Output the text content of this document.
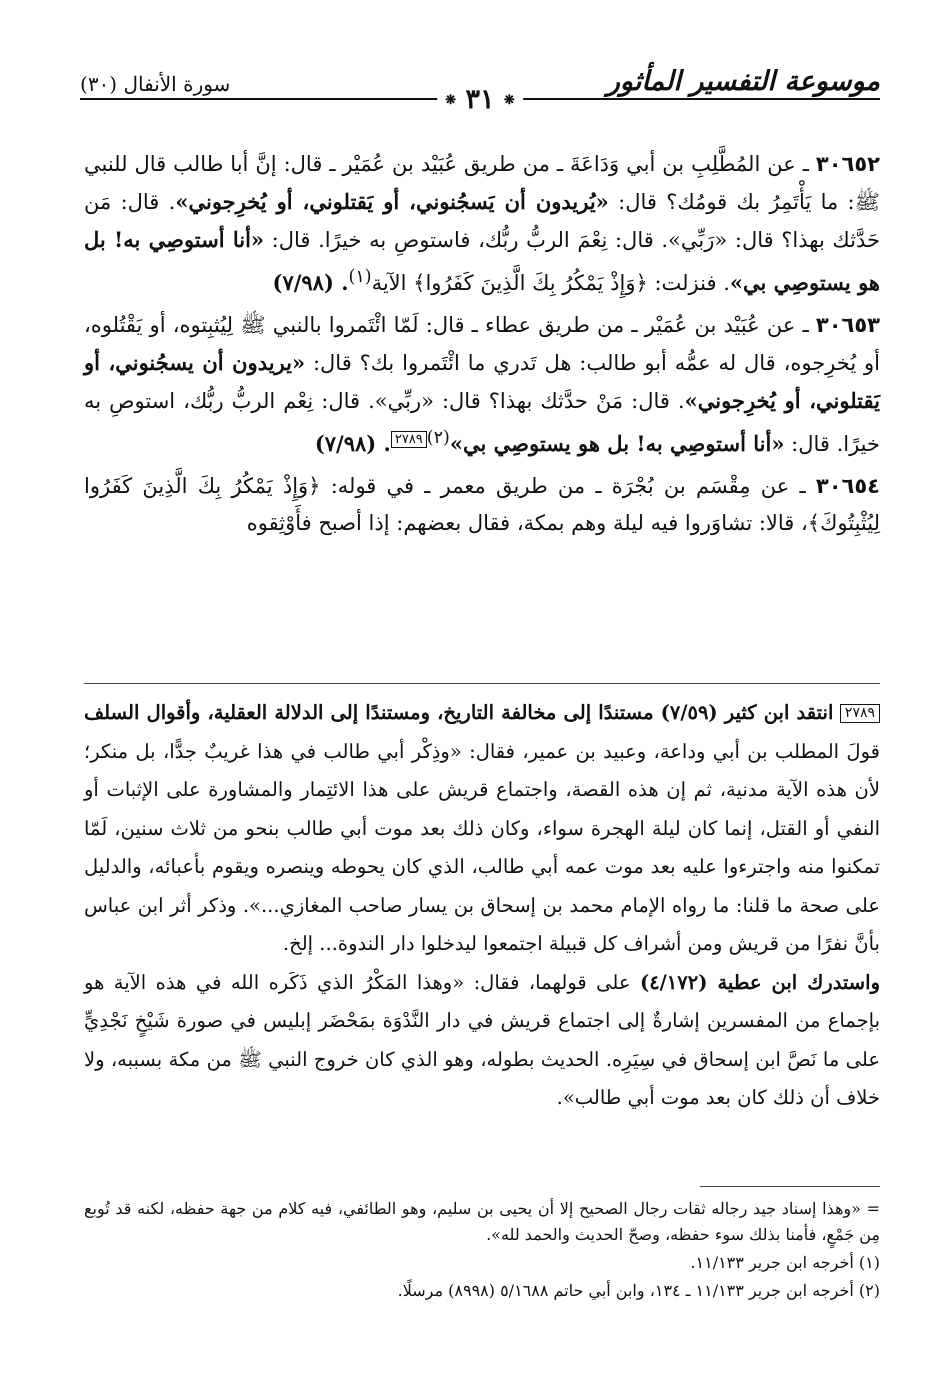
موسوعة التفسير المأثور
❋ ٣١ ❋
سورة الأنفال (٣٠)

٣٠٦٥٢ ـ عن المُطَّلِبِ بن أبي وَدَاعَةَ ـ من طريق عُبَيْد بن عُمَيْر ـ قال: إنَّ أبا طالب قال للنبي ﷺ: ما يَأْتَمِرُ بك قومُك؟ قال: «يُريدون أن يَسجُنوني، أو يَقتلوني، أو يُخرِجوني». قال: مَن حَدَّثك بهذا؟ قال: «رَبِّي». قال: نِعْمَ الربُّ ربُّك، فاستوصِ به خيرًا. قال: «أنا أستوصِي به! بل هو يستوصِي بي». فنزلت: ﴿وَإِذْ يَمْكُرُ بِكَ الَّذِينَ كَفَرُوا﴾ الآية$^{(١)}$. (٧/٩٨)

٣٠٦٥٣ ـ عن عُبَيْد بن عُمَيْر ـ من طريق عطاء ـ قال: لَمّا ائْتَمروا بالنبي ﷺ لِيُثبِتوه، أو يَقْتُلوه، أو يُخرِجوه، قال له عمُّه أبو طالب: هل تَدري ما ائْتَمروا بك؟ قال: «يريدون أن يسجُنوني، أو يَقتلوني، أو يُخرِجوني». قال: مَنْ حدَّثك بهذا؟ قال: «ربِّي». قال: نِعْم الربُّ ربُّك، استوصِ به خيرًا. قال: «أنا أستوصِي به! بل هو يستوصِي بي»$^{(٢)}$٢٧٨٩. (٧/٩٨)

٣٠٦٥٤ ـ عن مِقْسَم بن بُجْرَة ـ من طريق معمر ـ في قوله: ﴿وَإِذْ يَمْكُرُ بِكَ الَّذِينَ كَفَرُوا لِيُثْبِتُوكَ﴾، قالا: تشاوَروا فيه ليلة وهم بمكة، فقال بعضهم: إذا أصبح فأَوْثِقوه

٢٧٨٩ انتقد ابن كثير (٧/٥٩) مستندًا إلى مخالفة التاريخ، ومستندًا إلى الدلالة العقلية، وأقوال السلف قولَ المطلب بن أبي وداعة، وعبيد بن عمير، فقال: «وذِكْر أبي طالب في هذا غريبٌ جدًّا، بل منكر؛ لأن هذه الآية مدنية، ثم إن هذه القصة، واجتماع قريش على هذا الائتِمار والمشاورة على الإثبات أو النفي أو القتل، إنما كان ليلة الهجرة سواء، وكان ذلك بعد موت أبي طالب بنحو من ثلاث سنين، لَمّا تمكنوا منه واجترءوا عليه بعد موت عمه أبي طالب، الذي كان يحوطه وينصره ويقوم بأعبائه، والدليل على صحة ما قلنا: ما رواه الإمام محمد بن إسحاق بن يسار صاحب المغازي...». وذكر أثر ابن عباس بأنَّ نفرًا من قريش ومن أشراف كل قبيلة اجتمعوا ليدخلوا دار الندوة... إلخ.

واستدرك ابن عطية (٤/١٧٢) على قولهما، فقال: «وهذا المَكْرُ الذي ذَكَره الله في هذه الآية هو بإجماع من المفسرين إشارةٌ إلى اجتماع قريش في دار النَّدْوَة بمَحْضَر إبليس في صورة شَيْخٍ نَجْدِيٍّ على ما نَصَّ ابن إسحاق في سِيَرِه. الحديث بطوله، وهو الذي كان خروج النبي ﷺ من مكة بسببه، ولا خلاف أن ذلك كان بعد موت أبي طالب».

= «وهذا إسناد جيد رجاله ثقات رجال الصحيح إلا أن يحيى بن سليم، وهو الطائفي، فيه كلام من جهة حفظه، لكنه قد تُوبع مِن جَمْعٍ، فأمنا بذلك سوء حفظه، وصحّ الحديث والحمد لله».

(١) أخرجه ابن جرير ١١/١٣٣.

(٢) أخرجه ابن جرير ١١/١٣٣ ـ ١٣٤، وابن أبي حاتم ٥/١٦٨٨ (٨٩٩٨) مرسلًا.
